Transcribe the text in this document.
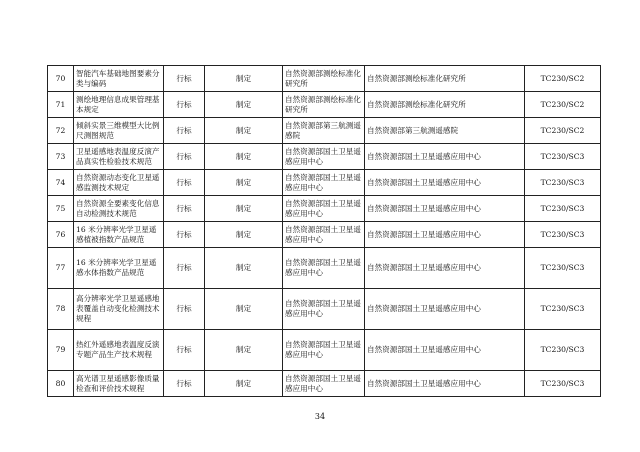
70	智能汽车基础地图要素分类与编码	行标	制定	自然资源部测绘标准化研究所	自然资源部测绘标准化研究所	TC230/SC2
71	测绘地理信息成果管理基本规定	行标	制定	自然资源部测绘标准化研究所	自然资源部测绘标准化研究所	TC230/SC2
72	倾斜实景三维模型大比例尺测图规范	行标	制定	自然资源部第三航测遥感院	自然资源部第三航测遥感院	TC230/SC2
73	卫星遥感地表温度反演产品真实性检验技术规范	行标	制定	自然资源部国土卫星遥感应用中心	自然资源部国土卫星遥感应用中心	TC230/SC3
74	自然资源动态变化卫星遥感监测技术规定	行标	制定	自然资源部国土卫星遥感应用中心	自然资源部国土卫星遥感应用中心	TC230/SC3
75	自然资源全要素变化信息自动检测技术规范	行标	制定	自然资源部国土卫星遥感应用中心	自然资源部国土卫星遥感应用中心	TC230/SC3
76	16 米分辨率光学卫星遥感植被指数产品规范	行标	制定	自然资源部国土卫星遥感应用中心	自然资源部国土卫星遥感应用中心	TC230/SC3
77	16 米分辨率光学卫星遥感水体指数产品规范	行标	制定	自然资源部国土卫星遥感应用中心	自然资源部国土卫星遥感应用中心	TC230/SC3
78	高分辨率光学卫星遥感地表覆盖自动变化检测技术规程	行标	制定	自然资源部国土卫星遥感应用中心	自然资源部国土卫星遥感应用中心	TC230/SC3
79	热红外遥感地表温度反演专题产品生产技术规程	行标	制定	自然资源部国土卫星遥感应用中心	自然资源部国土卫星遥感应用中心	TC230/SC3
80	高光谱卫星遥感影像质量检查和评价技术规程	行标	制定	自然资源部国土卫星遥感应用中心	自然资源部国土卫星遥感应用中心	TC230/SC3
34
